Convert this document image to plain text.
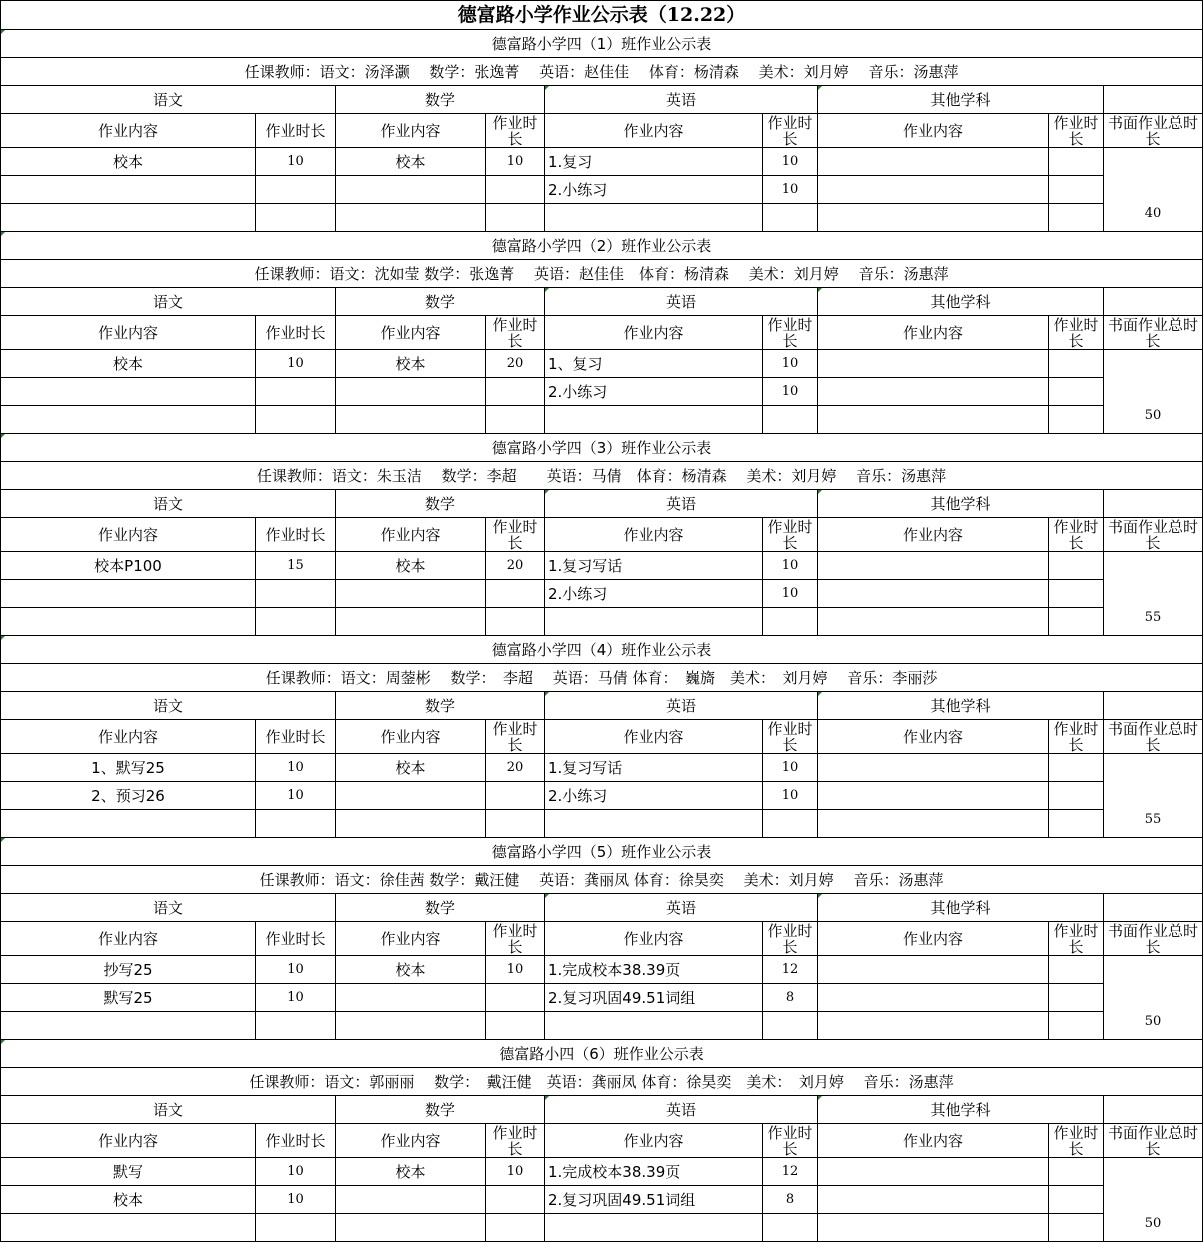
德富路小学作业公示表（12.22）								
德富路小学四（1）班作业公示表								
任课教师：语文：汤泽灏　 数学：张逸菁　 英语：赵佳佳　 体育：杨清森　 美术：刘月婷　 音乐：汤惠萍								
语文		数学		英语		其他学科		
作业内容	作业时长	作业内容	作业时长	作业内容	作业时长	作业内容	作业时长	书面作业总时长
校本	10	校本	10	1.复习	10			40
				2.小练习	10			

德富路小学四（2）班作业公示表								
任课教师：语文：沈如莹 数学：张逸菁　 英语：赵佳佳　体育：杨清森　 美术：刘月婷　 音乐：汤惠萍								
语文		数学		英语		其他学科		
作业内容	作业时长	作业内容	作业时长	作业内容	作业时长	作业内容	作业时长	书面作业总时长
校本	10	校本	20	1、复习	10			50
				2.小练习	10			

德富路小学四（3）班作业公示表								
任课教师：语文：朱玉洁　 数学：李超　　英语：马倩　体育：杨清森　 美术：刘月婷　 音乐：汤惠萍								
语文		数学		英语		其他学科		
作业内容	作业时长	作业内容	作业时长	作业内容	作业时长	作业内容	作业时长	书面作业总时长
校本P100	15	校本	20	1.复习写话	10			55
				2.小练习	10			

德富路小学四（4）班作业公示表								
任课教师：语文：周蓥彬　 数学：　李超　 英语：马倩 体育：　巍旖　美术：　刘月婷　 音乐：李丽莎								
语文		数学		英语		其他学科		
作业内容	作业时长	作业内容	作业时长	作业内容	作业时长	作业内容	作业时长	书面作业总时长
1、默写25	10	校本	20	1.复习写话	10			55
2、预习26	10			2.小练习	10			

德富路小学四（5）班作业公示表								
任课教师：语文：徐佳茜 数学：戴汪健　 英语：龚丽凤 体育：徐昊奕　 美术：刘月婷　 音乐：汤惠萍								
语文		数学		英语		其他学科		
作业内容	作业时长	作业内容	作业时长	作业内容	作业时长	作业内容	作业时长	书面作业总时长
抄写25	10	校本	10	1.完成校本38.39页	12			50
默写25	10			2.复习巩固49.51词组	8			

德富路小四（6）班作业公示表								
任课教师：语文：郭丽丽　 数学：　戴汪健　英语：龚丽凤 体育：徐昊奕　美术：　刘月婷　 音乐：汤惠萍								
语文		数学		英语		其他学科		
作业内容	作业时长	作业内容	作业时长	作业内容	作业时长	作业内容	作业时长	书面作业总时长
默写	10	校本	10	1.完成校本38.39页	12			50
校本	10			2.复习巩固49.51词组	8			
